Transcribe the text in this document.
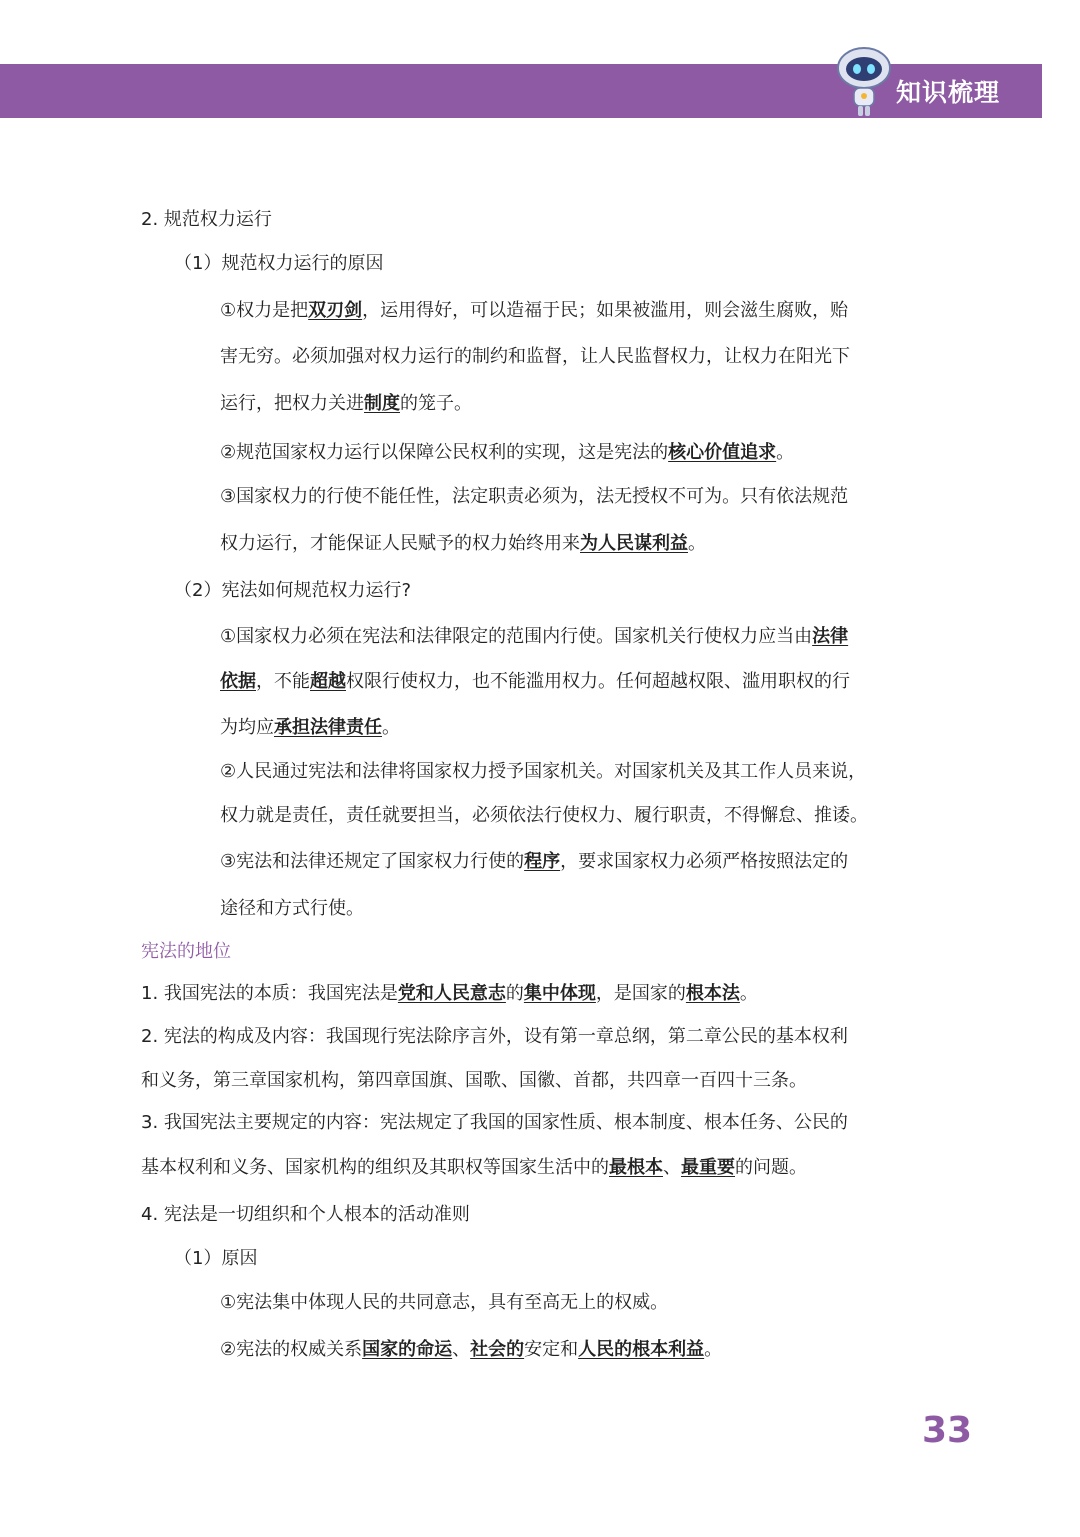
知识梳理
2. 规范权力运行
（1）规范权力运行的原因
①权力是把双刃剑，运用得好，可以造福于民；如果被滥用，则会滋生腐败，贻
害无穷。必须加强对权力运行的制约和监督，让人民监督权力，让权力在阳光下
运行，把权力关进制度的笼子。
②规范国家权力运行以保障公民权利的实现，这是宪法的核心价值追求。
③国家权力的行使不能任性，法定职责必须为，法无授权不可为。只有依法规范
权力运行，才能保证人民赋予的权力始终用来为人民谋利益。
（2）宪法如何规范权力运行?
①国家权力必须在宪法和法律限定的范围内行使。国家机关行使权力应当由法律
依据，不能超越权限行使权力，也不能滥用权力。任何超越权限、滥用职权的行
为均应承担法律责任。
②人民通过宪法和法律将国家权力授予国家机关。对国家机关及其工作人员来说，
权力就是责任，责任就要担当，必须依法行使权力、履行职责，不得懈怠、推诿。
③宪法和法律还规定了国家权力行使的程序，要求国家权力必须严格按照法定的
途径和方式行使。
宪法的地位
1. 我国宪法的本质：我国宪法是党和人民意志的集中体现，是国家的根本法。
2. 宪法的构成及内容：我国现行宪法除序言外，设有第一章总纲，第二章公民的基本权利
和义务，第三章国家机构，第四章国旗、国歌、国徽、首都，共四章一百四十三条。
3. 我国宪法主要规定的内容：宪法规定了我国的国家性质、根本制度、根本任务、公民的
基本权利和义务、国家机构的组织及其职权等国家生活中的最根本、最重要的问题。
4. 宪法是一切组织和个人根本的活动准则
（1）原因
①宪法集中体现人民的共同意志，具有至高无上的权威。
②宪法的权威关系国家的命运、社会的安定和人民的根本利益。
33
